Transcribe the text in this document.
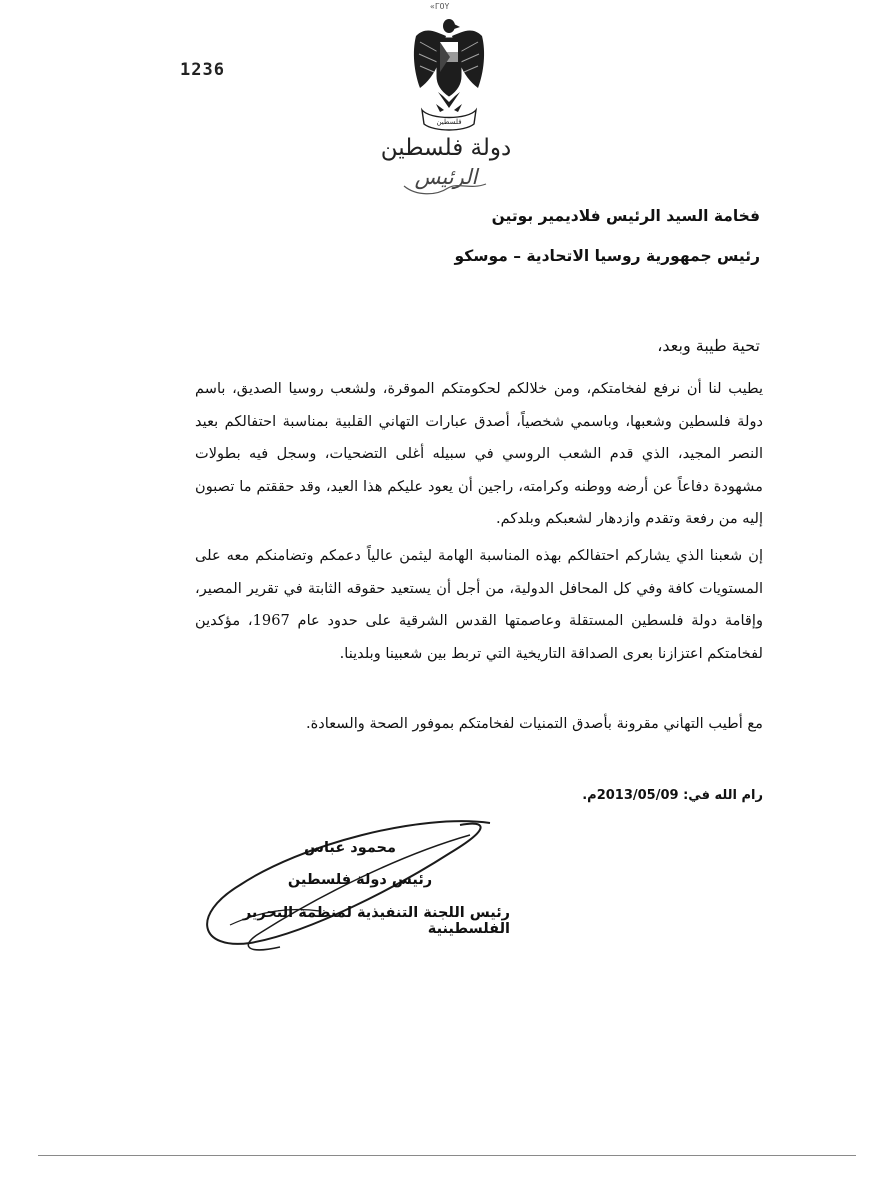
«ΓΟΥ
1236
فلسطين
دولة فلسطين
الرئيس
فخامة السيد الرئيس فلاديمير بوتين
رئيس جمهورية روسيا الاتحادية – موسكو
تحية طيبة وبعد،
يطيب لنا أن نرفع لفخامتكم، ومن خلالكم لحكومتكم الموقرة، ولشعب روسيا الصديق، باسم دولة فلسطين وشعبها، وباسمي شخصياً، أصدق عبارات التهاني القلبية بمناسبة احتفالكم بعيد النصر المجيد، الذي قدم الشعب الروسي في سبيله أغلى التضحيات، وسجل فيه بطولات مشهودة دفاعاً عن أرضه ووطنه وكرامته، راجين أن يعود عليكم هذا العيد، وقد حققتم ما تصبون إليه من رفعة وتقدم وازدهار لشعبكم وبلدكم.
إن شعبنا الذي يشاركم احتفالكم بهذه المناسبة الهامة ليثمن عالياً دعمكم وتضامنكم معه على المستويات كافة وفي كل المحافل الدولية، من أجل أن يستعيد حقوقه الثابتة في تقرير المصير، وإقامة دولة فلسطين المستقلة وعاصمتها القدس الشرقية على حدود عام 1967، مؤكدين لفخامتكم اعتزازنا بعرى الصداقة التاريخية التي تربط بين شعبينا وبلدينا.
مع أطيب التهاني مقرونة بأصدق التمنيات لفخامتكم بموفور الصحة والسعادة.
رام الله في: 2013/05/09م.
محمود عباس
رئيس دولة فلسطين
رئيس اللجنة التنفيذية لمنظمة التحرير الفلسطينية
